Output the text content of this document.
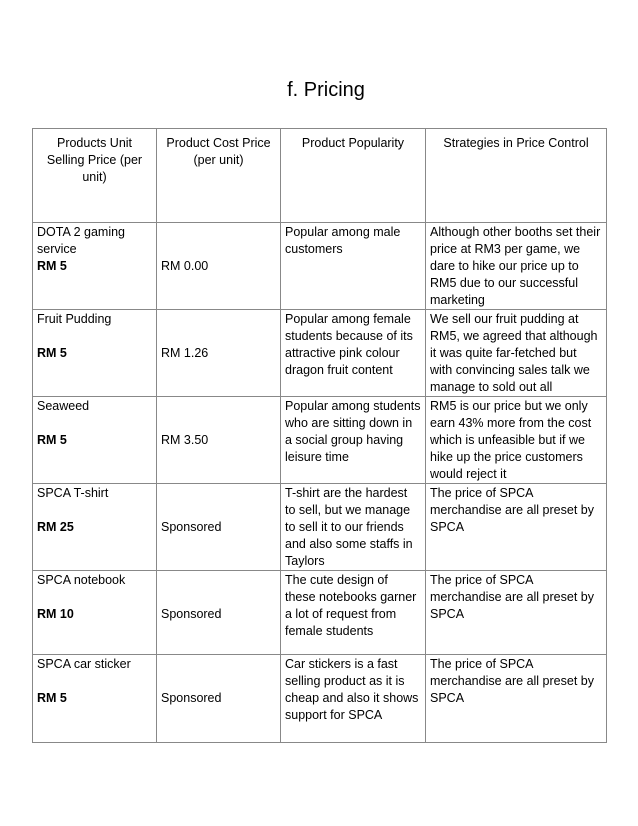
f. Pricing
Products Unit Selling Price (per unit)	Product Cost Price (per unit)	Product Popularity	Strategies in Price Control

DOTA 2 gaming service
RM 5	RM 0.00	Popular among male customers	Although other booths set their price at RM3 per game, we dare to hike our price up to RM5 due to our successful marketing

Fruit Pudding
RM 5	RM 1.26	Popular among female students because of its attractive pink colour dragon fruit content	We sell our fruit pudding at RM5, we agreed that although it was quite far-fetched but with convincing sales talk we manage to sold out all

Seaweed
RM 5	RM 3.50	Popular among students who are sitting down in a social group having leisure time	RM5 is our price but we only earn 43% more from the cost which is unfeasible but if we hike up the price customers would reject it

SPCA T-shirt
RM 25	Sponsored	T-shirt are the hardest to sell, but we manage to sell it to our friends and also some staffs in Taylors	The price of SPCA merchandise are all preset by SPCA

SPCA notebook
RM 10	Sponsored	The cute design of these notebooks garner a lot of request from female students	The price of SPCA merchandise are all preset by SPCA

SPCA car sticker
RM 5	Sponsored	Car stickers is a fast selling product as it is cheap and also it shows support for SPCA	The price of SPCA merchandise are all preset by SPCA
